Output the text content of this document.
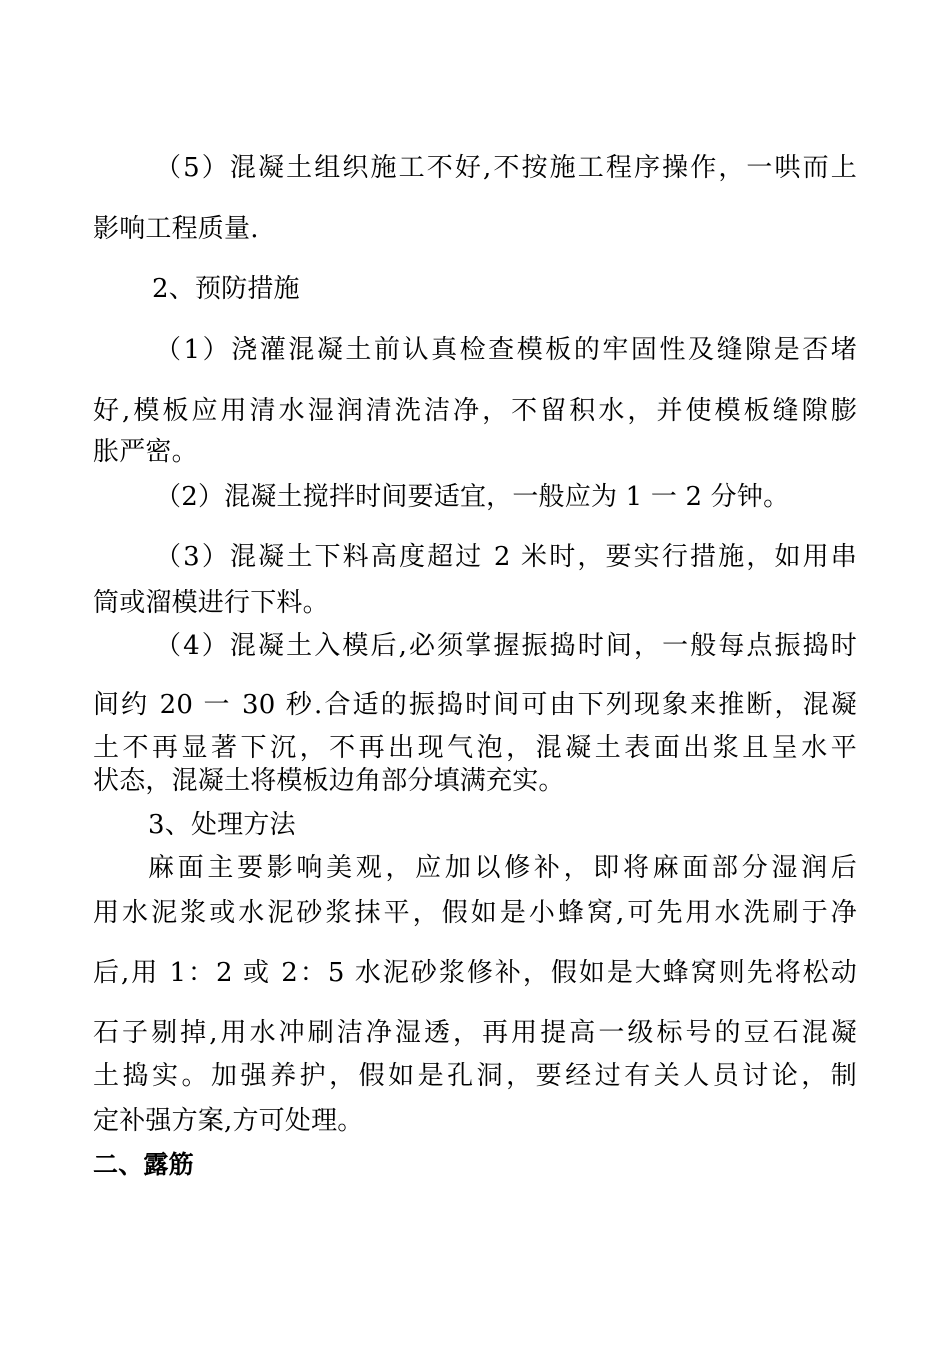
（5）混凝土组织施工不好,不按施工程序操作，一哄而上
影响工程质量.
2、预防措施
（1）浇灌混凝土前认真检查模板的牢固性及缝隙是否堵
好,模板应用清水湿润清洗洁净，不留积水，并使模板缝隙膨
胀严密。
（2）混凝土搅拌时间要适宜，一般应为 1 一 2 分钟。
（3）混凝土下料高度超过 2 米时，要实行措施，如用串
筒或溜模进行下料。
（4）混凝土入模后,必须掌握振捣时间，一般每点振捣时
间约 20 一 30 秒.合适的振捣时间可由下列现象来推断，混凝
土不再显著下沉，不再出现气泡，混凝土表面出浆且呈水平
状态，混凝土将模板边角部分填满充实。
3、处理方法
麻面主要影响美观，应加以修补，即将麻面部分湿润后
用水泥浆或水泥砂浆抹平，假如是小蜂窝,可先用水洗刷于净
后,用 1：2 或 2：5 水泥砂浆修补，假如是大蜂窝则先将松动
石子剔掉,用水冲刷洁净湿透，再用提高一级标号的豆石混凝
土捣实。加强养护，假如是孔洞，要经过有关人员讨论，制
定补强方案,方可处理。
二、露筋
